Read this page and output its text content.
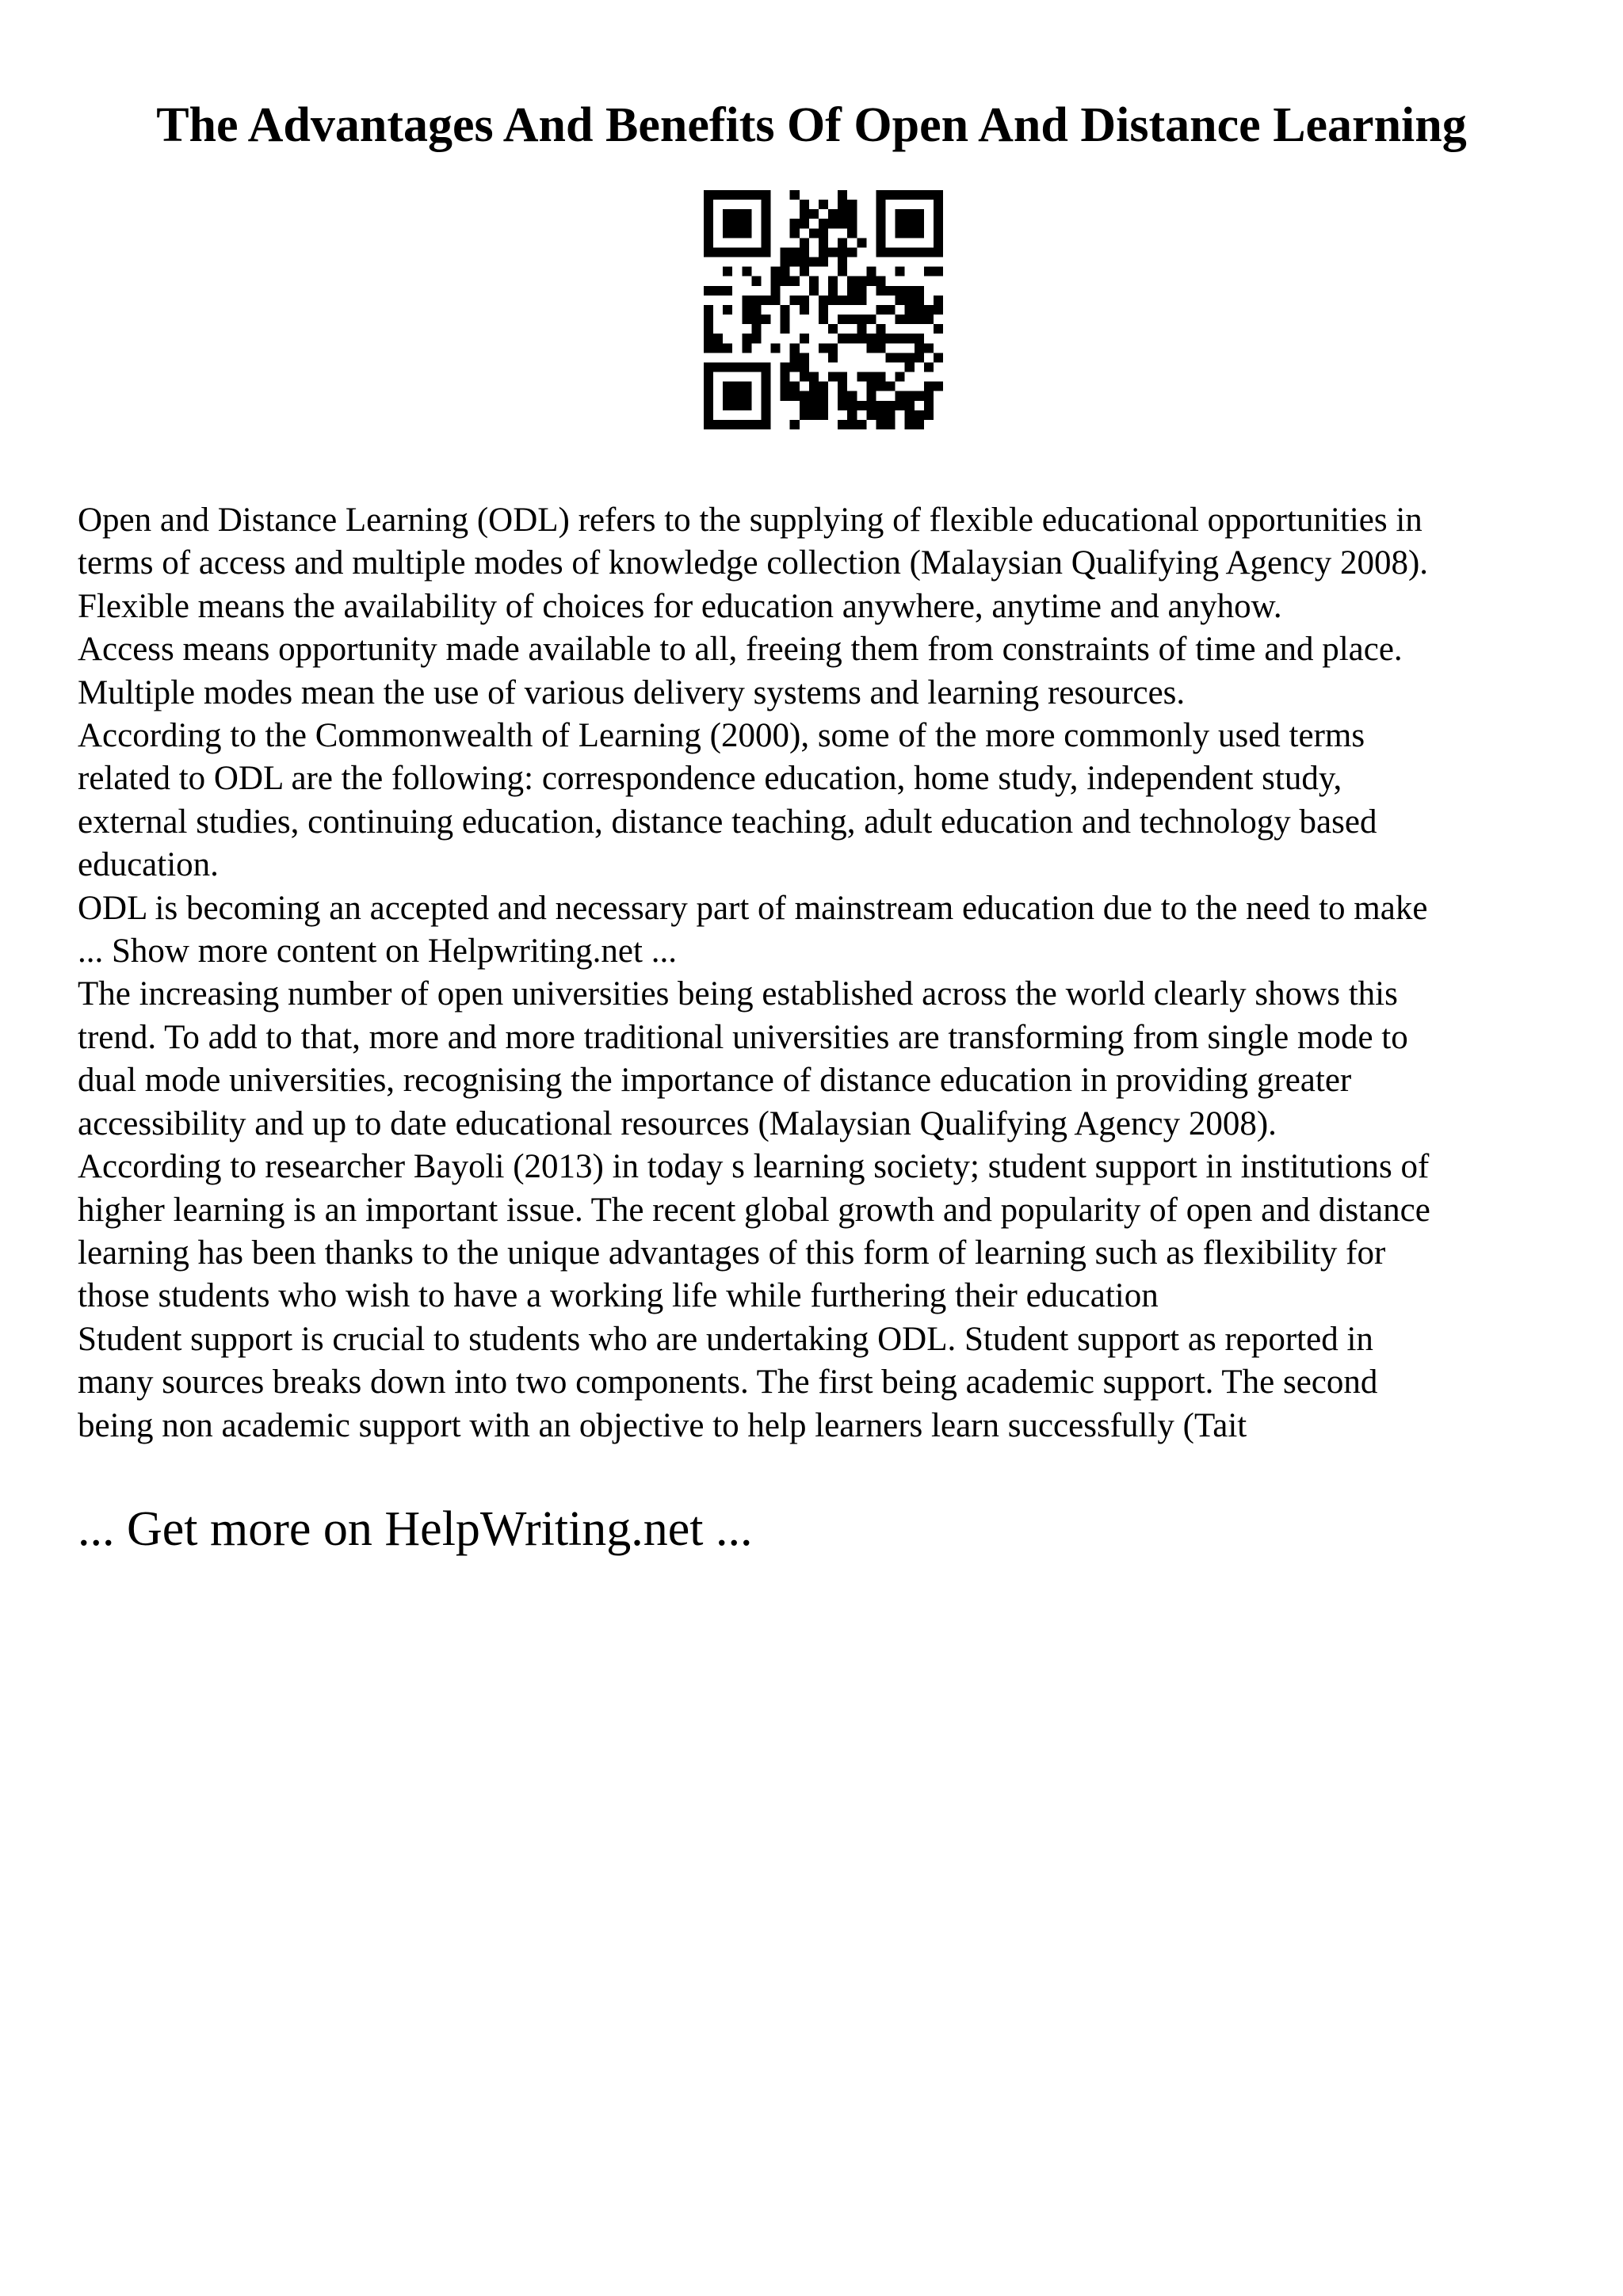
The Advantages And Benefits Of Open And Distance Learning

Open and Distance Learning (ODL) refers to the supplying of flexible educational opportunities in

terms of access and multiple modes of knowledge collection (Malaysian Qualifying Agency 2008).

Flexible means the availability of choices for education anywhere, anytime and anyhow.

Access means opportunity made available to all, freeing them from constraints of time and place.

Multiple modes mean the use of various delivery systems and learning resources.

According to the Commonwealth of Learning (2000), some of the more commonly used terms

related to ODL are the following: correspondence education, home study, independent study,

external studies, continuing education, distance teaching, adult education and technology based

education.

ODL is becoming an accepted and necessary part of mainstream education due to the need to make

... Show more content on Helpwriting.net ...

The increasing number of open universities being established across the world clearly shows this

trend. To add to that, more and more traditional universities are transforming from single mode to

dual mode universities, recognising the importance of distance education in providing greater

accessibility and up to date educational resources (Malaysian Qualifying Agency 2008).

According to researcher Bayoli (2013) in today s learning society; student support in institutions of

higher learning is an important issue. The recent global growth and popularity of open and distance

learning has been thanks to the unique advantages of this form of learning such as flexibility for

those students who wish to have a working life while furthering their education

Student support is crucial to students who are undertaking ODL. Student support as reported in

many sources breaks down into two components. The first being academic support. The second

being non academic support with an objective to help learners learn successfully (Tait

... Get more on HelpWriting.net ...
